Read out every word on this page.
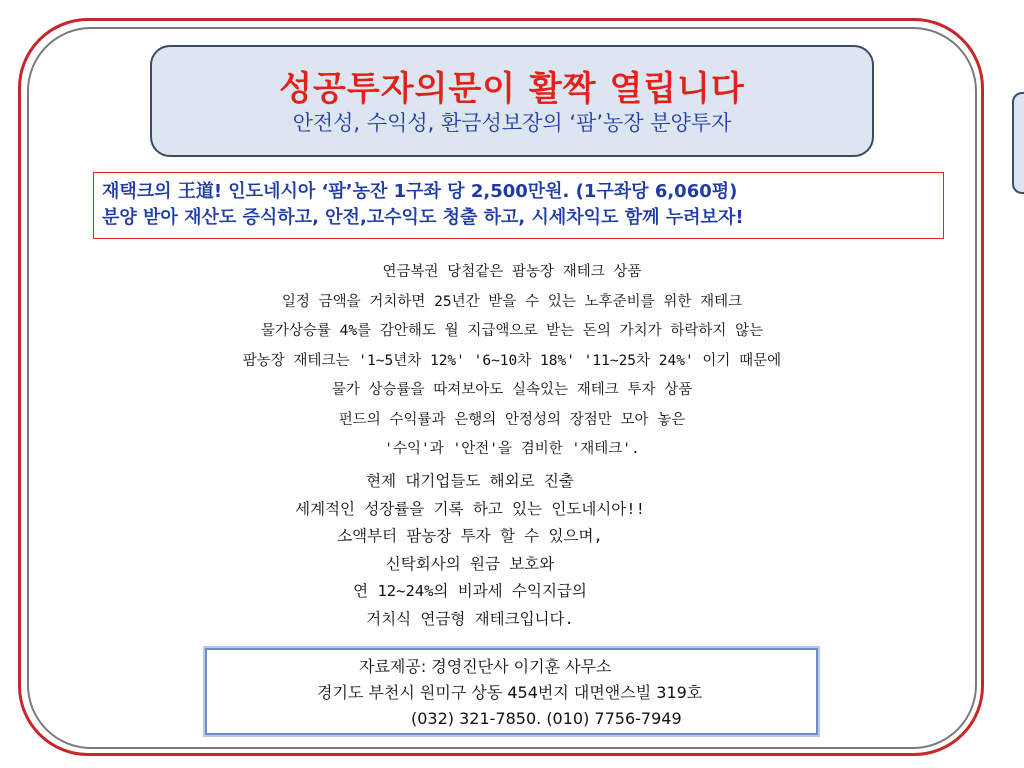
성공투자의문이 활짝 열립니다
안전성, 수익성, 환금성보장의 ‘팜’농장 분양투자
재택크의 王道! 인도네시아 ‘팜’농잔 1구좌 당 2,500만원. (1구좌당 6,060평)
분양 받아 재산도 증식하고, 안전,고수익도 청출 하고, 시세차익도 함께 누려보자!
연금복권 당첨같은 팜농장 재테크 상품
일정 금액을 거치하면 25년간 받을 수 있는 노후준비를 위한 재테크
물가상승률 4%를 감안해도 월 지급액으로 받는 돈의 가치가 하락하지 않는
팜농장 재테크는 '1~5년차 12%' '6~10차 18%' '11~25차 24%' 이기 때문에
물가 상승률을 따져보아도 실속있는 재테크 투자 상품
펀드의 수익률과 은행의 안정성의 장점만 모아 놓은
'수익'과 '안전'을 겸비한 '재테크'.
현제 대기업들도 해외로 진출
세계적인 성장률을 기록 하고 있는 인도네시아!!
소액부터 팜농장 투자 할 수 있으며,
신탁회사의 원금 보호와
연 12~24%의 비과세 수익지급의
거치식 연금형 재테크입니다.
자료제공: 경영진단사 이기훈 사무소
경기도 부천시 원미구 상동 454번지 대면앤스빌 319호
(032) 321-7850. (010) 7756-7949
